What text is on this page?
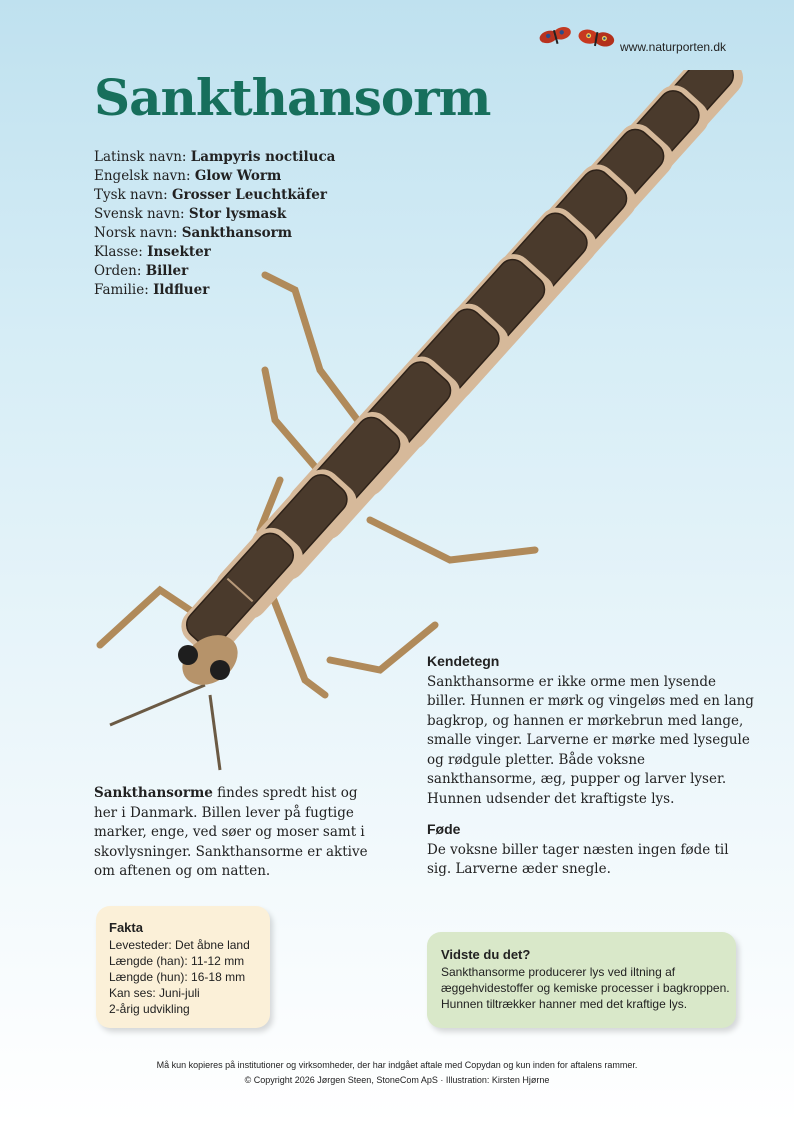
www.naturporten.dk
Sankthansorm
Latinsk navn: Lampyris noctiluca
Engelsk navn: Glow Worm
Tysk navn: Grosser Leuchtkäfer
Svensk navn: Stor lysmask
Norsk navn: Sankthansorm
Klasse: Insekter
Orden: Biller
Familie: Ildfluer
Sankthansorme findes spredt hist og her i Danmark. Billen lever på fugtige marker, enge, ved søer og moser samt i skovlysninger. Sankthansorme er aktive om aftenen og om natten.
Kendetegn

Sankthansorme er ikke orme men lysende biller. Hunnen er mørk og vingeløs med en lang bagkrop, og hannen er mørkebrun med lange, smalle vinger. Larverne er mørke med lysegule og rødgule pletter. Både voksne sankthansorme, æg, pupper og larver lyser. Hunnen udsender det kraftigste lys.

Føde

De voksne biller tager næsten ingen føde til sig. Larverne æder snegle.

Fakta
Levesteder: Det åbne land
Længde (han): 11-12 mm
Længde (hun): 16-18 mm
Kan ses: Juni-juli
2-årig udvikling
Vidste du det?
Sankthansorme producerer lys ved iltning af æggehvidestoffer og kemiske processer i bagkroppen. Hunnen tiltrækker hanner med det kraftige lys.
Må kun kopieres på institutioner og virksomheder, der har indgået aftale med Copydan og kun inden for aftalens rammer.
© Copyright 2026 Jørgen Steen, StoneCom ApS · Illustration: Kirsten Hjørne
